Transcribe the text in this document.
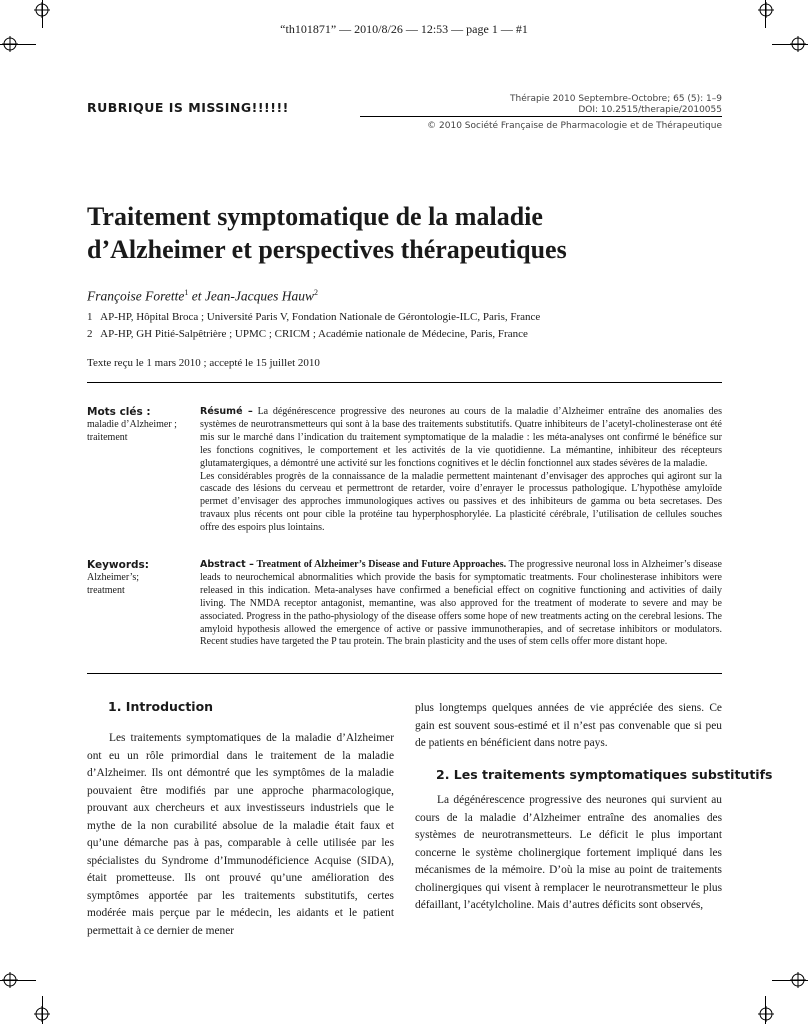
“th101871” — 2010/8/26 — 12:53 — page 1 — #1
RUBRIQUE IS MISSING!!!!!!
Thérapie 2010 Septembre-Octobre; 65 (5): 1–9
DOI: 10.2515/therapie/2010055
© 2010 Société Française de Pharmacologie et de Thérapeutique
Traitement symptomatique de la maladie
d’Alzheimer et perspectives thérapeutiques
Françoise Forette$^1$ et Jean-Jacques Hauw$^2$
1 AP-HP, Hôpital Broca ; Université Paris V, Fondation Nationale de Gérontologie-ILC, Paris, France
2 AP-HP, GH Pitié-Salpêtrière ; UPMC ; CRICM ; Académie nationale de Médecine, Paris, France
Texte reçu le 1 mars 2010 ; accepté le 15 juillet 2010
Mots clés :
maladie d’Alzheimer ;
traitement

Résumé – La dégénérescence progressive des neurones au cours de la maladie d’Alzheimer entraîne des anomalies des systèmes de neurotransmetteurs qui sont à la base des traitements substitutifs. Quatre inhibiteurs de l’acetyl-cholinesterase ont été mis sur le marché dans l’indication du traitement symptomatique de la maladie : les méta-analyses ont confirmé le bénéfice sur les fonctions cognitives, le comportement et les activités de la vie quotidienne. La mémantine, inhibiteur des récepteurs glutamatergiques, a démontré une activité sur les fonctions cognitives et le déclin fonctionnel aux stades sévères de la maladie.

Les considérables progrès de la connaissance de la maladie permettent maintenant d’envisager des approches qui agiront sur la cascade des lésions du cerveau et permettront de retarder, voire d’enrayer le processus pathologique. L’hypothèse amyloïde permet d’envisager des approches immunologiques actives ou passives et des inhibiteurs de gamma ou beta secretases. Des travaux plus récents ont pour cible la protéine tau hyperphosphorylée. La plasticité cérébrale, l’utilisation de cellules souches offre des espoirs plus lointains.

Keywords:
Alzheimer’s;
treatment

Abstract – Treatment of Alzheimer’s Disease and Future Approaches. The progressive neuronal loss in Alzheimer’s disease leads to neurochemical abnormalities which provide the basis for symptomatic treatments. Four cholinesterase inhibitors were released in this indication. Meta-analyses have confirmed a beneficial effect on cognitive functioning and activities of daily living. The NMDA receptor antagonist, memantine, was also approved for the treatment of moderate to severe and may be associated. Progress in the patho-physiology of the disease offers some hope of new treatments acting on the cerebral lesions. The amyloid hypothesis allowed the emergence of active or passive immunotherapies, and of secretase inhibitors or modulators. Recent studies have targeted the P tau protein. The brain plasticity and the uses of stem cells offer more distant hope.

1. Introduction

Les traitements symptomatiques de la maladie d’Alzheimer ont eu un rôle primordial dans le traitement de la maladie d’Alzheimer. Ils ont démontré que les symptômes de la maladie pouvaient être modifiés par une approche pharmacologique, prouvant aux chercheurs et aux investisseurs industriels que le mythe de la non curabilité absolue de la maladie était faux et qu’une démarche pas à pas, comparable à celle utilisée par les spécialistes du Syndrome d’Immunodéficience Acquise (SIDA), était prometteuse. Ils ont prouvé qu’une amélioration des symptômes apportée par les traitements substitutifs, certes modérée mais perçue par le médecin, les aidants et le patient permettait à ce dernier de mener

plus longtemps quelques années de vie appréciée des siens. Ce gain est souvent sous-estimé et il n’est pas convenable que si peu de patients en bénéficient dans notre pays.

2. Les traitements symptomatiques substitutifs

La dégénérescence progressive des neurones qui survient au cours de la maladie d’Alzheimer entraîne des anomalies des systèmes de neurotransmetteurs. Le déficit le plus important concerne le système cholinergique fortement impliqué dans les mécanismes de la mémoire. D’où la mise au point de traitements cholinergiques qui visent à remplacer le neurotransmetteur le plus défaillant, l’acétylcholine. Mais d’autres déficits sont observés,
